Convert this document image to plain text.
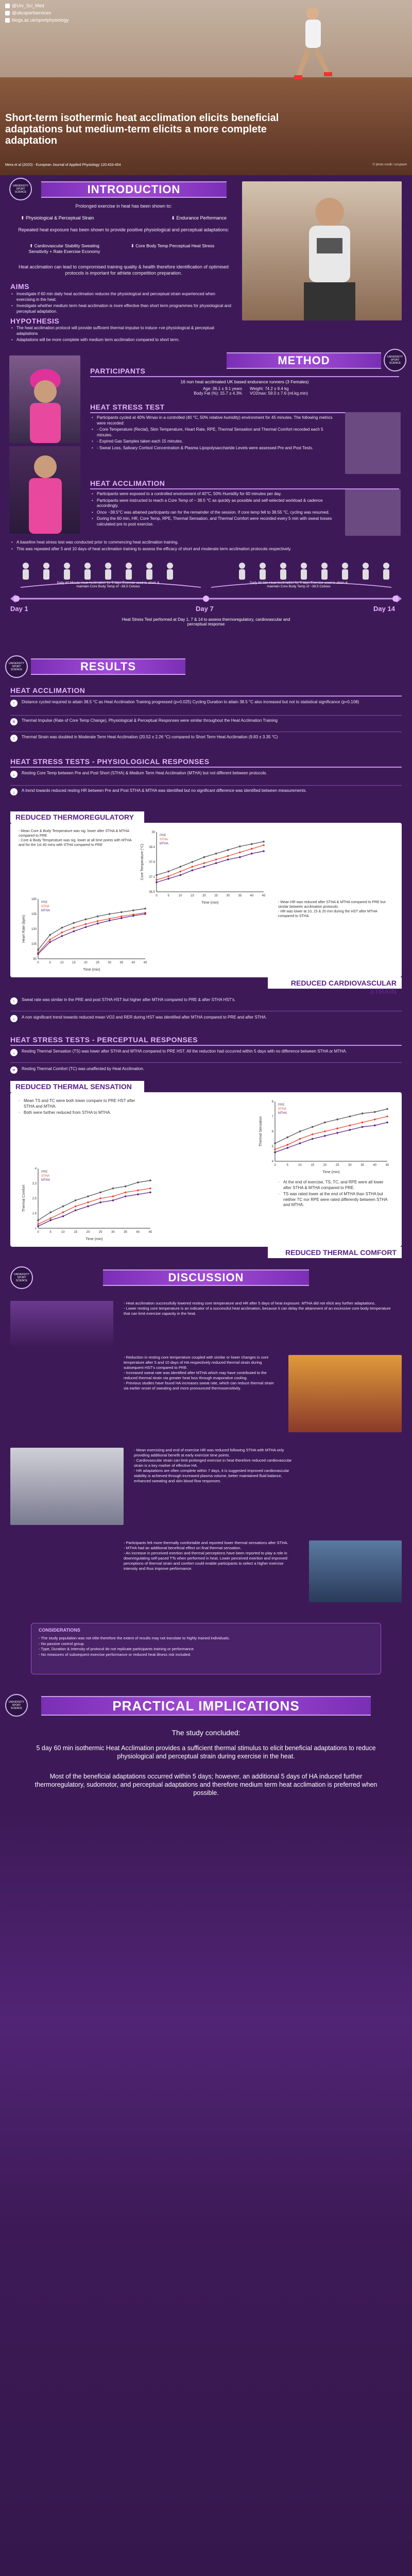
@Uni_Sci_Med
@ukcsportservices
blogs.ac.uk/sportphysiology
Short-term isothermic heat acclimation elicits beneficial adaptations but medium-term elicits a more complete adaptation
Mera et al (2020) - European Journal of Applied Physiology 120:433-454	© photo credit / unsplash
INTRODUCTION
UNIVERSITY SPORT SCIENCE
Prolonged exercise in heat has been shown to:
⬆ Physiological & Perceptual Strain	⬇ Endurance Performance
Repeated heat exposure has been shown to provide positive physiological and perceptual adaptations:
⬆ Cardiovascular Stability Sweating Sensitivity + Rate Exercise Economy
⬇ Core Body Temp Perceptual Heat Stress
Heat acclimation can lead to compromised training quality & health therefore identification of optimised protocols is important for athlete competition preparation.
AIMS
• Investigate if 60 min daily heat acclimation reduces the physiological and perceptual strain experienced when exercising in the heat.
• Investigate whether medium term heat acclimation is more effective than short term programmes for physiological and perceptual adaptation.
HYPOTHESIS
• The heat acclimation protocol will provide sufficient thermal impulse to induce +ve physiological & perceptual adaptations
• Adaptations will be more complete with medium term acclimation compared to short term.
METHOD	UNIVERSITY SPORT SCIENCE
PARTICIPANTS
16 non heat acclimated UK based endurance runners (3 Females)
Age: 36.1 ± 9.1 years
Body Fat (%): 15.7 ± 4.3%
Weight: 74.2 ± 9.4 kg
VO2max: 59.0 ± 7.6 (ml.kg.min)
HEAT STRESS TEST
• Participants cycled at 40% Wmax in a controlled (40 °C, 50% relative humidity) environment for 45 minutes. The following metrics were recorded:
• - Core Temperature (Rectal), Skin Temperature, Heart Rate, RPE, Thermal Sensation and Thermal Comfort recorded each 5 minutes.
• - Expired Gas Samples taken each 15 minutes.
• - Sweat Loss, Salivary Cortisol Concentration & Plasma Lipopolysaccharide Levels were assessed Pre and Post Tests.
HEAT ACCLIMATION
• Participants were exposed to a controlled environment of 40°C, 50% Humidity for 60 minutes per day.
• Participants were instructed to reach a Core Temp of ~ 38.5 °C as quickly as possible and self-selected workload & cadence accordingly.
• Once ~38.5°C was attained participants ran for the remainder of the session. If core temp fell to 38.55 °C, cycling was resumed.
• During the 60 min, HR, Core Temp, RPE, Thermal Sensation, and Thermal Comfort were recorded every 5 min with sweat losses calculated pre to post exercise.
• A baseline heat stress test was conducted prior to commencing heat acclimation training.
• This was repeated after 5 and 10 days of heat acclimation training to assess the efficacy of short and moderate term acclimation protocols respectively.
Daily 60 Minute Heat Acclimation for 5 days Exercise used to attain & maintain Core Body Temp of ~38.5 Celsius
Daily 60 Min Heat Acclimation for 5 days Exercise used to attain & maintain Core Body Temp of ~38.5 Celsius
Day 1	Day 7	Day 14
Heat Stress Test performed at Day 1, 7 & 14 to assess thermoregulatory, cardiovascular and perceptual response
RESULTS
UNIVERSITY SPORT SCIENCE
HEAT ACCLIMATION
↑	Distance cycled required to attain 38.5 °C as Heat Acclimation Training progressed (p=0.025) Cycling Duration to attain 38.5 °C also increased but not to statistical significance (p=0.108)
=	Thermal Impulse (Rate of Core Temp Change), Physiological & Perceptual Responses were similar throughout the Heat Acclimation Training
↑	Thermal Strain was doubled in Moderate Term Heat Acclimation (20.52 ± 2.26 °C) compared to Short Term Heat Acclimation (9.83 ± 3.35 °C)
HEAT STRESS TESTS - PHYSIOLOGICAL RESPONSES
↓	Resting Core Temp between Pre and Post Short (STHA) & Medium Term Heat Acclimation (MTHA) but not different between protocols.
↓	A trend towards reduced resting HR between Pre and Post STHA & MTHA was identified but no significant difference was identified between measurements.
REDUCED THERMOREGULATORY
- Mean Core & Body Temperature was sig. lower after STHA & MTHA compared to PRE
- Core & Body Temperature was sig. lower at all time points with MTHA and for the 1st 40 mins with STHA compared to PRE
0	5	10	15	20	25	30	35	40	45
36.5
37.1
37.8
38.4
39
Time (min)
Core Temperature (°C)
PRE
STHA
MTHA
0	5	10	15	20	25	30	35	40	45
80
105
130
155
180
Time (min)
Heart Rate (bpm)
PRE
STHA
MTHA
- Mean HR was reduced after STHA & MTHA compared to PRE but similar between acclimation protocols.
- HR was lower at 10, 15 & 20 min during the HST after MTHA compared to STHA
REDUCED CARDIOVASCULAR STRAIN
↑	Sweat rate was similar in the PRE and post STHA HST but higher after MTHA compared to PRE & after STHA HST's.
↓	A non significant trend towards reduced mean VO2 and RER during HST was identified after MTHA compared to PRE and after STHA.
HEAT STRESS TESTS - PERCEPTUAL RESPONSES
↓	Resting Thermal Sensation (TS) was lower after STHA and MTHA compared to PRE HST. All the reduction had occurred within 5 days with no difference between STHA or MTHA.
=	Resting Thermal Comfort (TC) was unaffected by Heat Acclimation.
REDUCED THERMAL SENSATION
• Mean TS and TC were both lower compare to PRE HST after STHA and MTHA.
• Both were further reduced from STHA to MTHA.
0	5	10	15	20	25	30	35	40	45
4
5
6
7
8
Time (min)
Thermal Sensation
PRE
STHA
MTHA
0	5	10	15	20	25	30	35	40	45
1
1.8
2.5
3.3
4
Time (min)
Thermal Comfort
PRE
STHA
MTHA
•	At the end of exercise, TS, TC, and RPE were all lower after STHA & MTHA compared to PRE.
• TS was rated lower at the end of MTHA than STHA but neither TC nor RPE were rated differently between STHA and MTHA.
REDUCED THERMAL COMFORT
DISCUSSION
UNIVERSITY SPORT SCIENCE
- Heat acclimation successfully lowered resting core temperature and HR after 5 days of heat exposure. MTHA did not elicit any further adaptations.
- Lower resting core temperature is an indicator of a successful heat acclimation, because it can delay the attainment of an excessive core body temperature that can limit exercise capacity in the heat.
- Reduction in resting core temperature coupled with similar or lower changes in core temperature after 5 and 10 days of HA respectively reduced thermal strain during subsequent HST's compared to PRE.
- Increased sweat rate was identified after MTHA which may have contributed to the reduced thermal strain via greater heat loss through evaporative cooling.
- Previous studies have found HA increases sweat rate, which can reduce thermal strain via earlier onset of sweating and more pronounced thermosensitivity.
- Mean exercising and end of exercise HR was reduced following STHA with MTHA only providing additional benefit at early exercise time points.
- Cardiovascular strain can limit prolonged exercise in heat therefore reduced cardiovascular strain is a key marker of effective HA.
- HR adaptations are often complete within 7 days, it is suggested improved cardiovascular stability is achieved through increased plasma volume, better maintained fluid balance, enhanced sweating and skin blood flow responses.
- Participants felt more thermally comfortable and reported lower thermal sensations after STHA.
- MTHA had an additional beneficial effect on final thermal sensation.
- An increase in perceived exertion and thermal perceptions have been reported to play a role in downregulating self-paced TTs when performed in heat. Lower perceived exertion and improved perceptions of thermal strain and comfort could enable participants to select a higher exercise intensity and thus improve performance.
CONSIDERATIONS
- The study population was not elite therefore the extent of results may not translate to highly trained individuals.
- No passive control group.
- Type, Duration & Intensity of protocol do not replicate participants training or performance.
- No measures of subsequent exercise performance or reduced heat illness risk included.
PRACTICAL IMPLICATIONS
UNIVERSITY SPORT SCIENCE
The study concluded:
5 day 60 min isothermic Heat Acclimation provides a sufficient thermal stimulus to elicit beneficial adaptations to reduce physiological and perceptual strain during exercise in the heat.
Most of the beneficial adaptations occurred within 5 days; however, an additional 5 days of HA induced further thermoregulatory, sudomotor, and perceptual adaptations and therefore medium term heat acclimation is preferred when possible.
